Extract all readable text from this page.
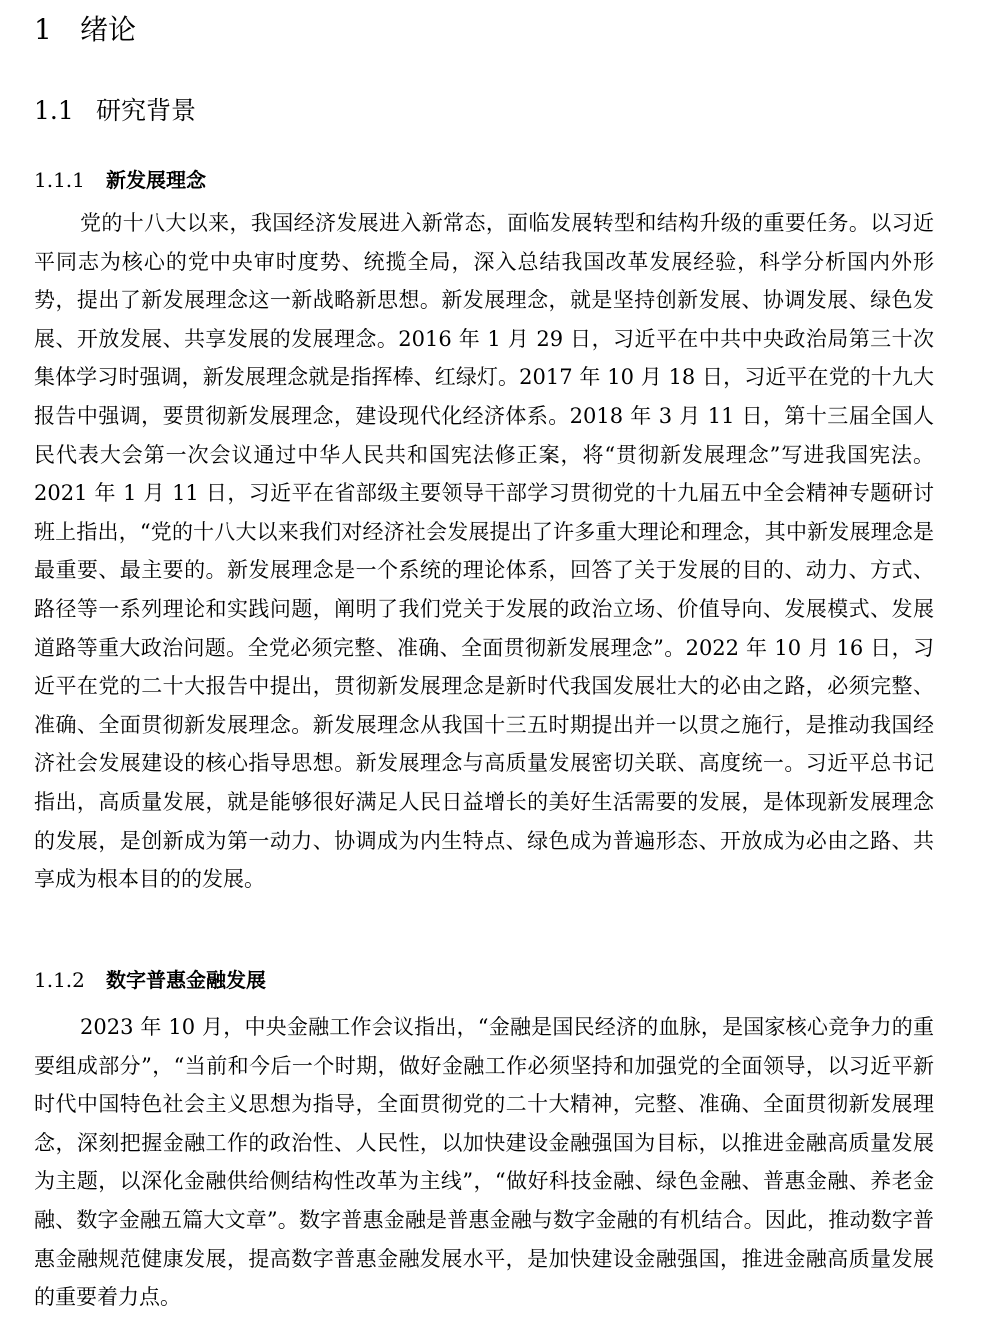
1 绪论
1.1 研究背景
1.1.1 新发展理念

党的十八大以来，我国经济发展进入新常态，面临发展转型和结构升级的重要任务。以习近平同志为核心的党中央审时度势、统揽全局，深入总结我国改革发展经验，科学分析国内外形势，提出了新发展理念这一新战略新思想。新发展理念，就是坚持创新发展、协调发展、绿色发展、开放发展、共享发展的发展理念。2016 年 1 月 29 日，习近平在中共中央政治局第三十次集体学习时强调，新发展理念就是指挥棒、红绿灯。2017 年 10 月 18 日，习近平在党的十九大报告中强调，要贯彻新发展理念，建设现代化经济体系。2018 年 3 月 11 日，第十三届全国人民代表大会第一次会议通过中华人民共和国宪法修正案，将“贯彻新发展理念”写进我国宪法。2021 年 1 月 11 日，习近平在省部级主要领导干部学习贯彻党的十九届五中全会精神专题研讨班上指出，“党的十八大以来我们对经济社会发展提出了许多重大理论和理念，其中新发展理念是最重要、最主要的。新发展理念是一个系统的理论体系，回答了关于发展的目的、动力、方式、路径等一系列理论和实践问题，阐明了我们党关于发展的政治立场、价值导向、发展模式、发展道路等重大政治问题。全党必须完整、准确、全面贯彻新发展理念”。2022 年 10 月 16 日，习近平在党的二十大报告中提出，贯彻新发展理念是新时代我国发展壮大的必由之路，必须完整、准确、全面贯彻新发展理念。新发展理念从我国十三五时期提出并一以贯之施行，是推动我国经济社会发展建设的核心指导思想。新发展理念与高质量发展密切关联、高度统一。习近平总书记指出，高质量发展，就是能够很好满足人民日益增长的美好生活需要的发展，是体现新发展理念的发展，是创新成为第一动力、协调成为内生特点、绿色成为普遍形态、开放成为必由之路、共享成为根本目的的发展。

1.1.2 数字普惠金融发展

2023 年 10 月，中央金融工作会议指出，“金融是国民经济的血脉，是国家核心竞争力的重要组成部分”，“当前和今后一个时期，做好金融工作必须坚持和加强党的全面领导，以习近平新时代中国特色社会主义思想为指导，全面贯彻党的二十大精神，完整、准确、全面贯彻新发展理念，深刻把握金融工作的政治性、人民性，以加快建设金融强国为目标，以推进金融高质量发展为主题，以深化金融供给侧结构性改革为主线”，“做好科技金融、绿色金融、普惠金融、养老金融、数字金融五篇大文章”。数字普惠金融是普惠金融与数字金融的有机结合。因此，推动数字普惠金融规范健康发展，提高数字普惠金融发展水平，是加快建设金融强国，推进金融高质量发展的重要着力点。
